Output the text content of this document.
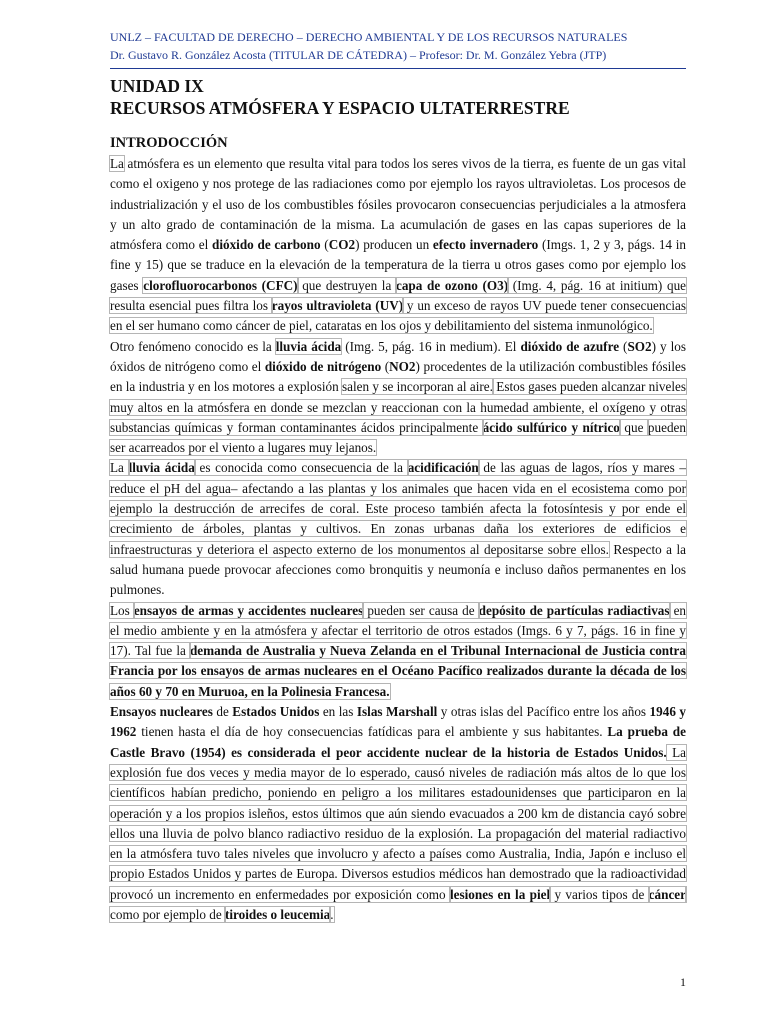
UNLZ – FACULTAD DE DERECHO – DERECHO AMBIENTAL Y DE LOS RECURSOS NATURALES
Dr. Gustavo R. González Acosta (TITULAR DE CÁTEDRA) – Profesor: Dr. M. González Yebra (JTP)
UNIDAD IX
RECURSOS ATMÓSFERA Y ESPACIO ULTATERRESTRE
INTRODOCCIÓN

La atmósfera es un elemento que resulta vital para todos los seres vivos de la tierra, es fuente de un gas vital como el oxigeno y nos protege de las radiaciones como por ejemplo los rayos ultravioletas. Los procesos de industrialización y el uso de los combustibles fósiles provocaron consecuencias perjudiciales a la atmosfera y un alto grado de contaminación de la misma. La acumulación de gases en las capas superiores de la atmósfera como el dióxido de carbono (CO2) producen un efecto invernadero (Imgs. 1, 2 y 3, págs. 14 in fine y 15) que se traduce en la elevación de la temperatura de la tierra u otros gases como por ejemplo los gases clorofluorocarbonos (CFC) que destruyen la capa de ozono (O3) (Img. 4, pág. 16 at initium) que resulta esencial pues filtra los rayos ultravioleta (UV) y un exceso de rayos UV puede tener consecuencias en el ser humano como cáncer de piel, cataratas en los ojos y debilitamiento del sistema inmunológico.

Otro fenómeno conocido es la lluvia ácida (Img. 5, pág. 16 in medium). El dióxido de azufre (SO2) y los óxidos de nitrógeno como el dióxido de nitrógeno (NO2) procedentes de la utilización combustibles fósiles en la industria y en los motores a explosión salen y se incorporan al aire. Estos gases pueden alcanzar niveles muy altos en la atmósfera en donde se mezclan y reaccionan con la humedad ambiente, el oxígeno y otras substancias químicas y forman contaminantes ácidos principalmente ácido sulfúrico y nítrico que pueden ser acarreados por el viento a lugares muy lejanos.

La lluvia ácida es conocida como consecuencia de la acidificación de las aguas de lagos, ríos y mares –reduce el pH del agua– afectando a las plantas y los animales que hacen vida en el ecosistema como por ejemplo la destrucción de arrecifes de coral. Este proceso también afecta la fotosíntesis y por ende el crecimiento de árboles, plantas y cultivos. En zonas urbanas daña los exteriores de edificios e infraestructuras y deteriora el aspecto externo de los monumentos al depositarse sobre ellos. Respecto a la salud humana puede provocar afecciones como bronquitis y neumonía e incluso daños permanentes en los pulmones.

Los ensayos de armas y accidentes nucleares pueden ser causa de depósito de partículas radiactivas en el medio ambiente y en la atmósfera y afectar el territorio de otros estados (Imgs. 6 y 7, págs. 16 in fine y 17). Tal fue la demanda de Australia y Nueva Zelanda en el Tribunal Internacional de Justicia contra Francia por los ensayos de armas nucleares en el Océano Pacífico realizados durante la década de los años 60 y 70 en Muruoa, en la Polinesia Francesa.

Ensayos nucleares de Estados Unidos en las Islas Marshall y otras islas del Pacífico entre los años 1946 y 1962 tienen hasta el día de hoy consecuencias fatídicas para el ambiente y sus habitantes. La prueba de Castle Bravo (1954) es considerada el peor accidente nuclear de la historia de Estados Unidos. La explosión fue dos veces y media mayor de lo esperado, causó niveles de radiación más altos de lo que los científicos habían predicho, poniendo en peligro a los militares estadounidenses que participaron en la operación y a los propios isleños, estos últimos que aún siendo evacuados a 200 km de distancia cayó sobre ellos una lluvia de polvo blanco radiactivo residuo de la explosión. La propagación del material radiactivo en la atmósfera tuvo tales niveles que involucro y afecto a países como Australia, India, Japón e incluso el propio Estados Unidos y partes de Europa. Diversos estudios médicos han demostrado que la radioactividad provocó un incremento en enfermedades por exposición como lesiones en la piel y varios tipos de cáncer como por ejemplo de tiroides o leucemia.

1
